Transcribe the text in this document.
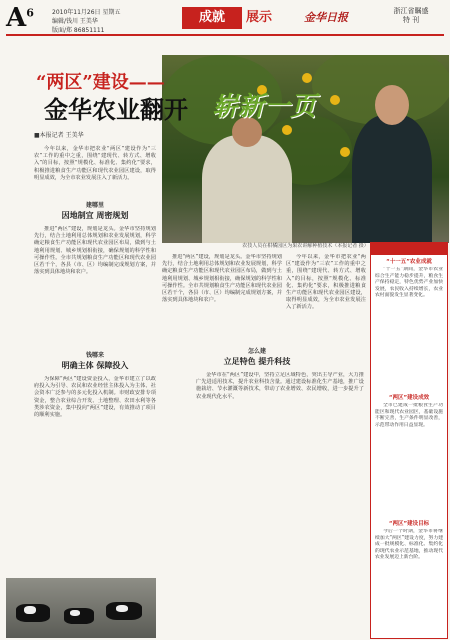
$A^6$	2010年11月26日 星期五
编辑/钱川 王美华
版面/郑 86851111
成就	展示	金华日报	浙江省瞩盛
特 刊
农技人员在柑橘园区为果农讲解种植技术（本报记者 摄）
“两区”建设——
金华农业翻开 崭新一页
■本报记者 王美华

今年以来，金华市把农业“两区”建设作为“三农”工作的重中之重，围绕“建现代、转方式、增收入”的目标，按照“规模化、标准化、集约化”要求，积极推进粮食生产功能区和现代农业园区建设，取得明显成效，为全市农业发展注入了新活力。

建哪里
因地制宜 周密规划

推进“两区”建设，规划是龙头。金华市坚持规划先行，结合土地利用总体规划和农业发展规划，科学确定粮食生产功能区和现代农业园区布局，做到与土地利用规划、城乡规划相衔接，确保规划的科学性和可操作性。全市共规划粮食生产功能区和现代农业园区若干个，各县（市、区）均编制完成规划方案，并落实到具体地块和农户。

钱哪来
明确主体 保障投入

为保障“两区”建设资金投入，金华市建立了以政府投入为引导、农民和农业经营主体投入为主体、社会资本广泛参与的多元化投入机制。市财政安排专项资金，整合农业综合开发、土地整理、农田水利等各类涉农资金，集中投向“两区”建设，有效推动了项目的顺利实施。

推进“两区”建设，规划是龙头。金华市坚持规划先行，结合土地利用总体规划和农业发展规划，科学确定粮食生产功能区和现代农业园区布局，做到与土地利用规划、城乡规划相衔接，确保规划的科学性和可操作性。全市共规划粮食生产功能区和现代农业园区若干个，各县（市、区）均编制完成规划方案，并落实到具体地块和农户。

怎么建
立足特色 提升科技

金华市在“两区”建设中，坚持立足区域特色，突出主导产业，大力推广先进适用技术，提升农业科技含量。通过建设标准化生产基地，推广设施栽培、节水灌溉等新技术，带动了农业增效、农民增收，进一步提升了农业现代化水平。

今年以来，金华市把农业“两区”建设作为“三农”工作的重中之重，围绕“建现代、转方式、增收入”的目标，按照“规模化、标准化、集约化”要求，积极推进粮食生产功能区和现代农业园区建设，取得明显成效，为全市农业发展注入了新活力。

“十一五”农业成就

“十一五”期间，金华市农业综合生产能力稳步提升，粮食生产保持稳定，特色优势产业加快发展，农民收入持续增长，农业农村面貌发生显著变化。

“两区”建设成效

全市已建成一批粮食生产功能区和现代农业园区，基础设施不断完善，生产条件明显改善，示范带动作用日益显现。

“两区”建设目标

今后一个时期，金华市将继续加大“两区”建设力度，努力建成一批规模化、标准化、集约化的现代农业示范基地，推动现代农业发展迈上新台阶。
